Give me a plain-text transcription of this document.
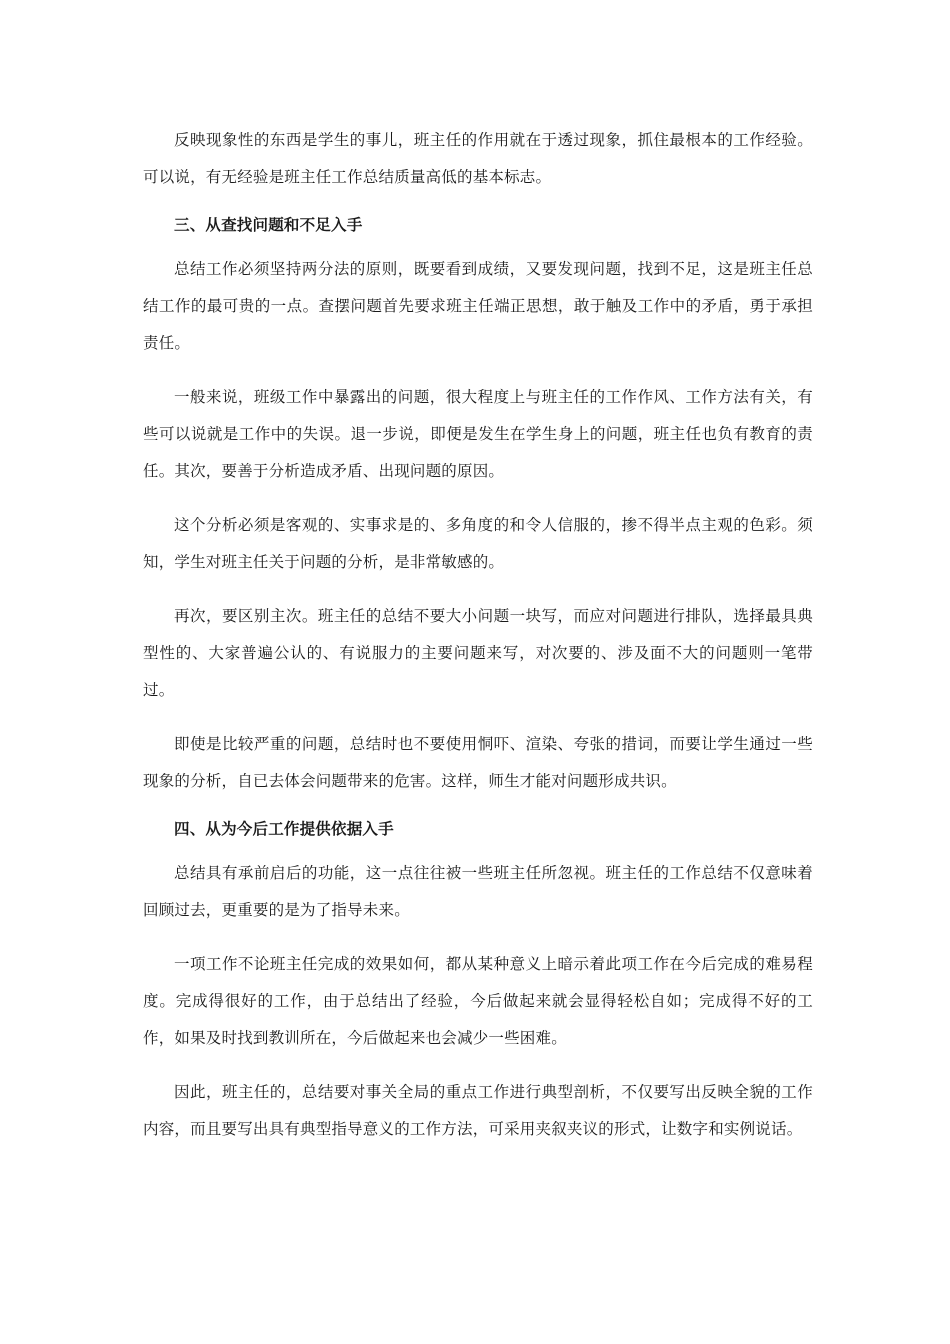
反映现象性的东西是学生的事儿，班主任的作用就在于透过现象，抓住最根本的工作经验。可以说，有无经验是班主任工作总结质量高低的基本标志。

三、从查找问题和不足入手

总结工作必须坚持两分法的原则，既要看到成绩，又要发现问题，找到不足，这是班主任总结工作的最可贵的一点。查摆问题首先要求班主任端正思想，敢于触及工作中的矛盾，勇于承担责任。

一般来说，班级工作中暴露出的问题，很大程度上与班主任的工作作风、工作方法有关，有些可以说就是工作中的失误。退一步说，即便是发生在学生身上的问题，班主任也负有教育的责任。其次，要善于分析造成矛盾、出现问题的原因。

这个分析必须是客观的、实事求是的、多角度的和令人信服的，掺不得半点主观的色彩。须知，学生对班主任关于问题的分析，是非常敏感的。

再次，要区别主次。班主任的总结不要大小问题一块写，而应对问题进行排队，选择最具典型性的、大家普遍公认的、有说服力的主要问题来写，对次要的、涉及面不大的问题则一笔带过。

即使是比较严重的问题，总结时也不要使用恫吓、渲染、夸张的措词，而要让学生通过一些现象的分析，自已去体会问题带来的危害。这样，师生才能对问题形成共识。

四、从为今后工作提供依据入手

总结具有承前启后的功能，这一点往往被一些班主任所忽视。班主任的工作总结不仅意味着回顾过去，更重要的是为了指导未来。

一项工作不论班主任完成的效果如何，都从某种意义上暗示着此项工作在今后完成的难易程度。完成得很好的工作，由于总结出了经验，今后做起来就会显得轻松自如；完成得不好的工作，如果及时找到教训所在，今后做起来也会减少一些困难。

因此，班主任的，总结要对事关全局的重点工作进行典型剖析，不仅要写出反映全貌的工作内容，而且要写出具有典型指导意义的工作方法，可采用夹叙夹议的形式，让数字和实例说话。
